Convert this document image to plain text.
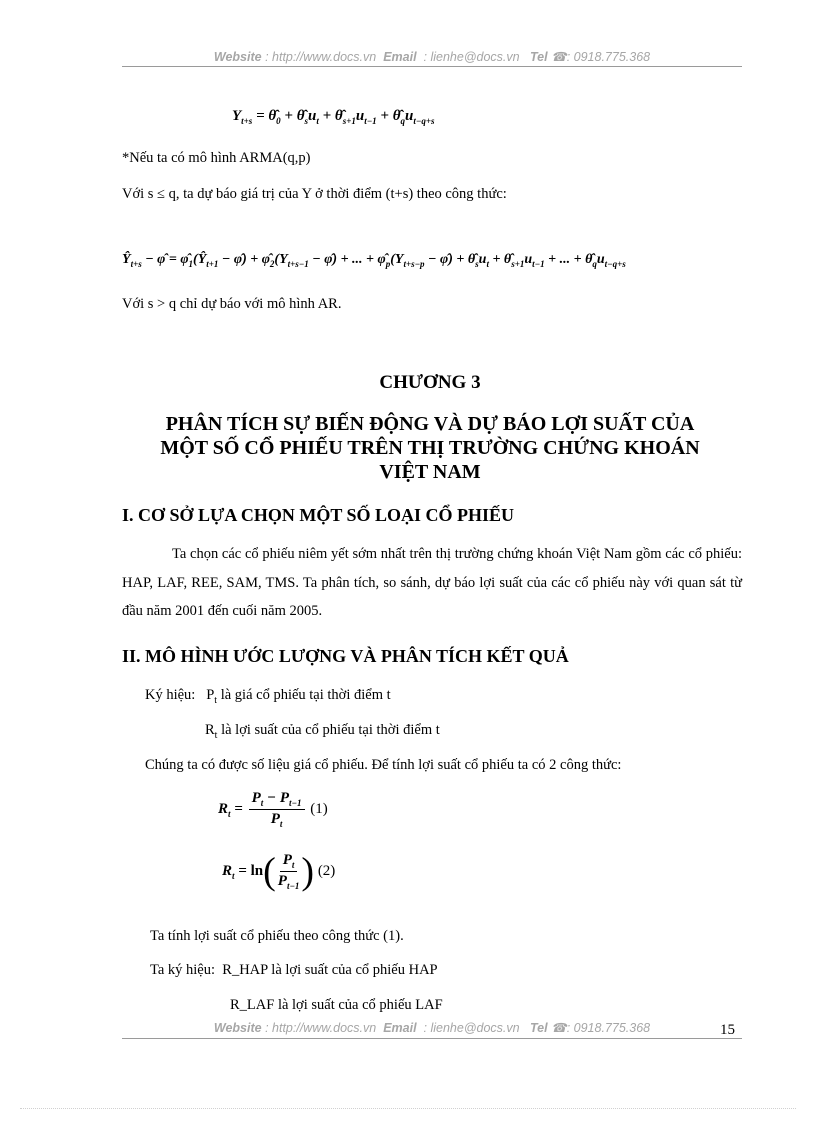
Website : http://www.docs.vn Email : lienhe@docs.vn Tel ☎: 0918.775.368
$Y_{t+s}$ = $\thetâ_0$ + $\thetâ_su_t$ + $\thetâ_{s+1}u_{t-1}$ + $\thetâ_qu_{t-q+s}$
*Nếu ta có mô hình ARMA(q,p)
Với s ≤ q, ta dự báo giá trị của Y ở thời điểm (t+s) theo công thức:
$Ŷ_{t+s}$ − φ̂ = $\varphî_1(Ŷ_{t+1}$ − φ̂) + $\varphî_2(Y_{t+s-1}$ − φ̂) + ... + $\varphî_p(Y_{t+s-p}$ − φ̂) + $\thetâ_su_t$ + $\thetâ_{s+1}u_{t-1}$ + ... + $\thetâ_qu_{t-q+s}$
Với s > q chỉ dự báo với mô hình AR.
CHƯƠNG 3
PHÂN TÍCH SỰ BIẾN ĐỘNG VÀ DỰ BÁO LỢI SUẤT CỦA
MỘT SỐ CỔ PHIẾU TRÊN THỊ TRƯỜNG CHỨNG KHOÁN
VIỆT NAM
I. CƠ SỞ LỰA CHỌN MỘT SỐ LOẠI CỔ PHIẾU
Ta chọn các cổ phiếu niêm yết sớm nhất trên thị trường chứng khoán Việt Nam gồm các cổ phiếu: HAP, LAF, REE, SAM, TMS. Ta phân tích, so sánh, dự báo lợi suất của các cổ phiếu này với quan sát từ đầu năm 2001 đến cuối năm 2005.
II. MÔ HÌNH ƯỚC LƯỢNG VÀ PHÂN TÍCH KẾT QUẢ
Ký hiệu:   $P_t$ là giá cổ phiếu tại thời điểm t
$R_t$ là lợi suất của cổ phiếu tại thời điểm t
Chúng ta có được số liệu giá cổ phiếu. Để tính lợi suất cổ phiếu ta có 2 công thức:
$R_t = \frac{P_t - P_{t-1}}{P_t} (1)$
$R_t = \ln( \frac{P_t}{P_{t-1}}$ ) (2)
Ta tính lợi suất cổ phiếu theo công thức (1).
Ta ký hiệu: R_HAP là lợi suất của cổ phiếu HAP
R_LAF là lợi suất của cổ phiếu LAF
Website : http://www.docs.vn Email : lienhe@docs.vn Tel ☎: 0918.775.368	15
